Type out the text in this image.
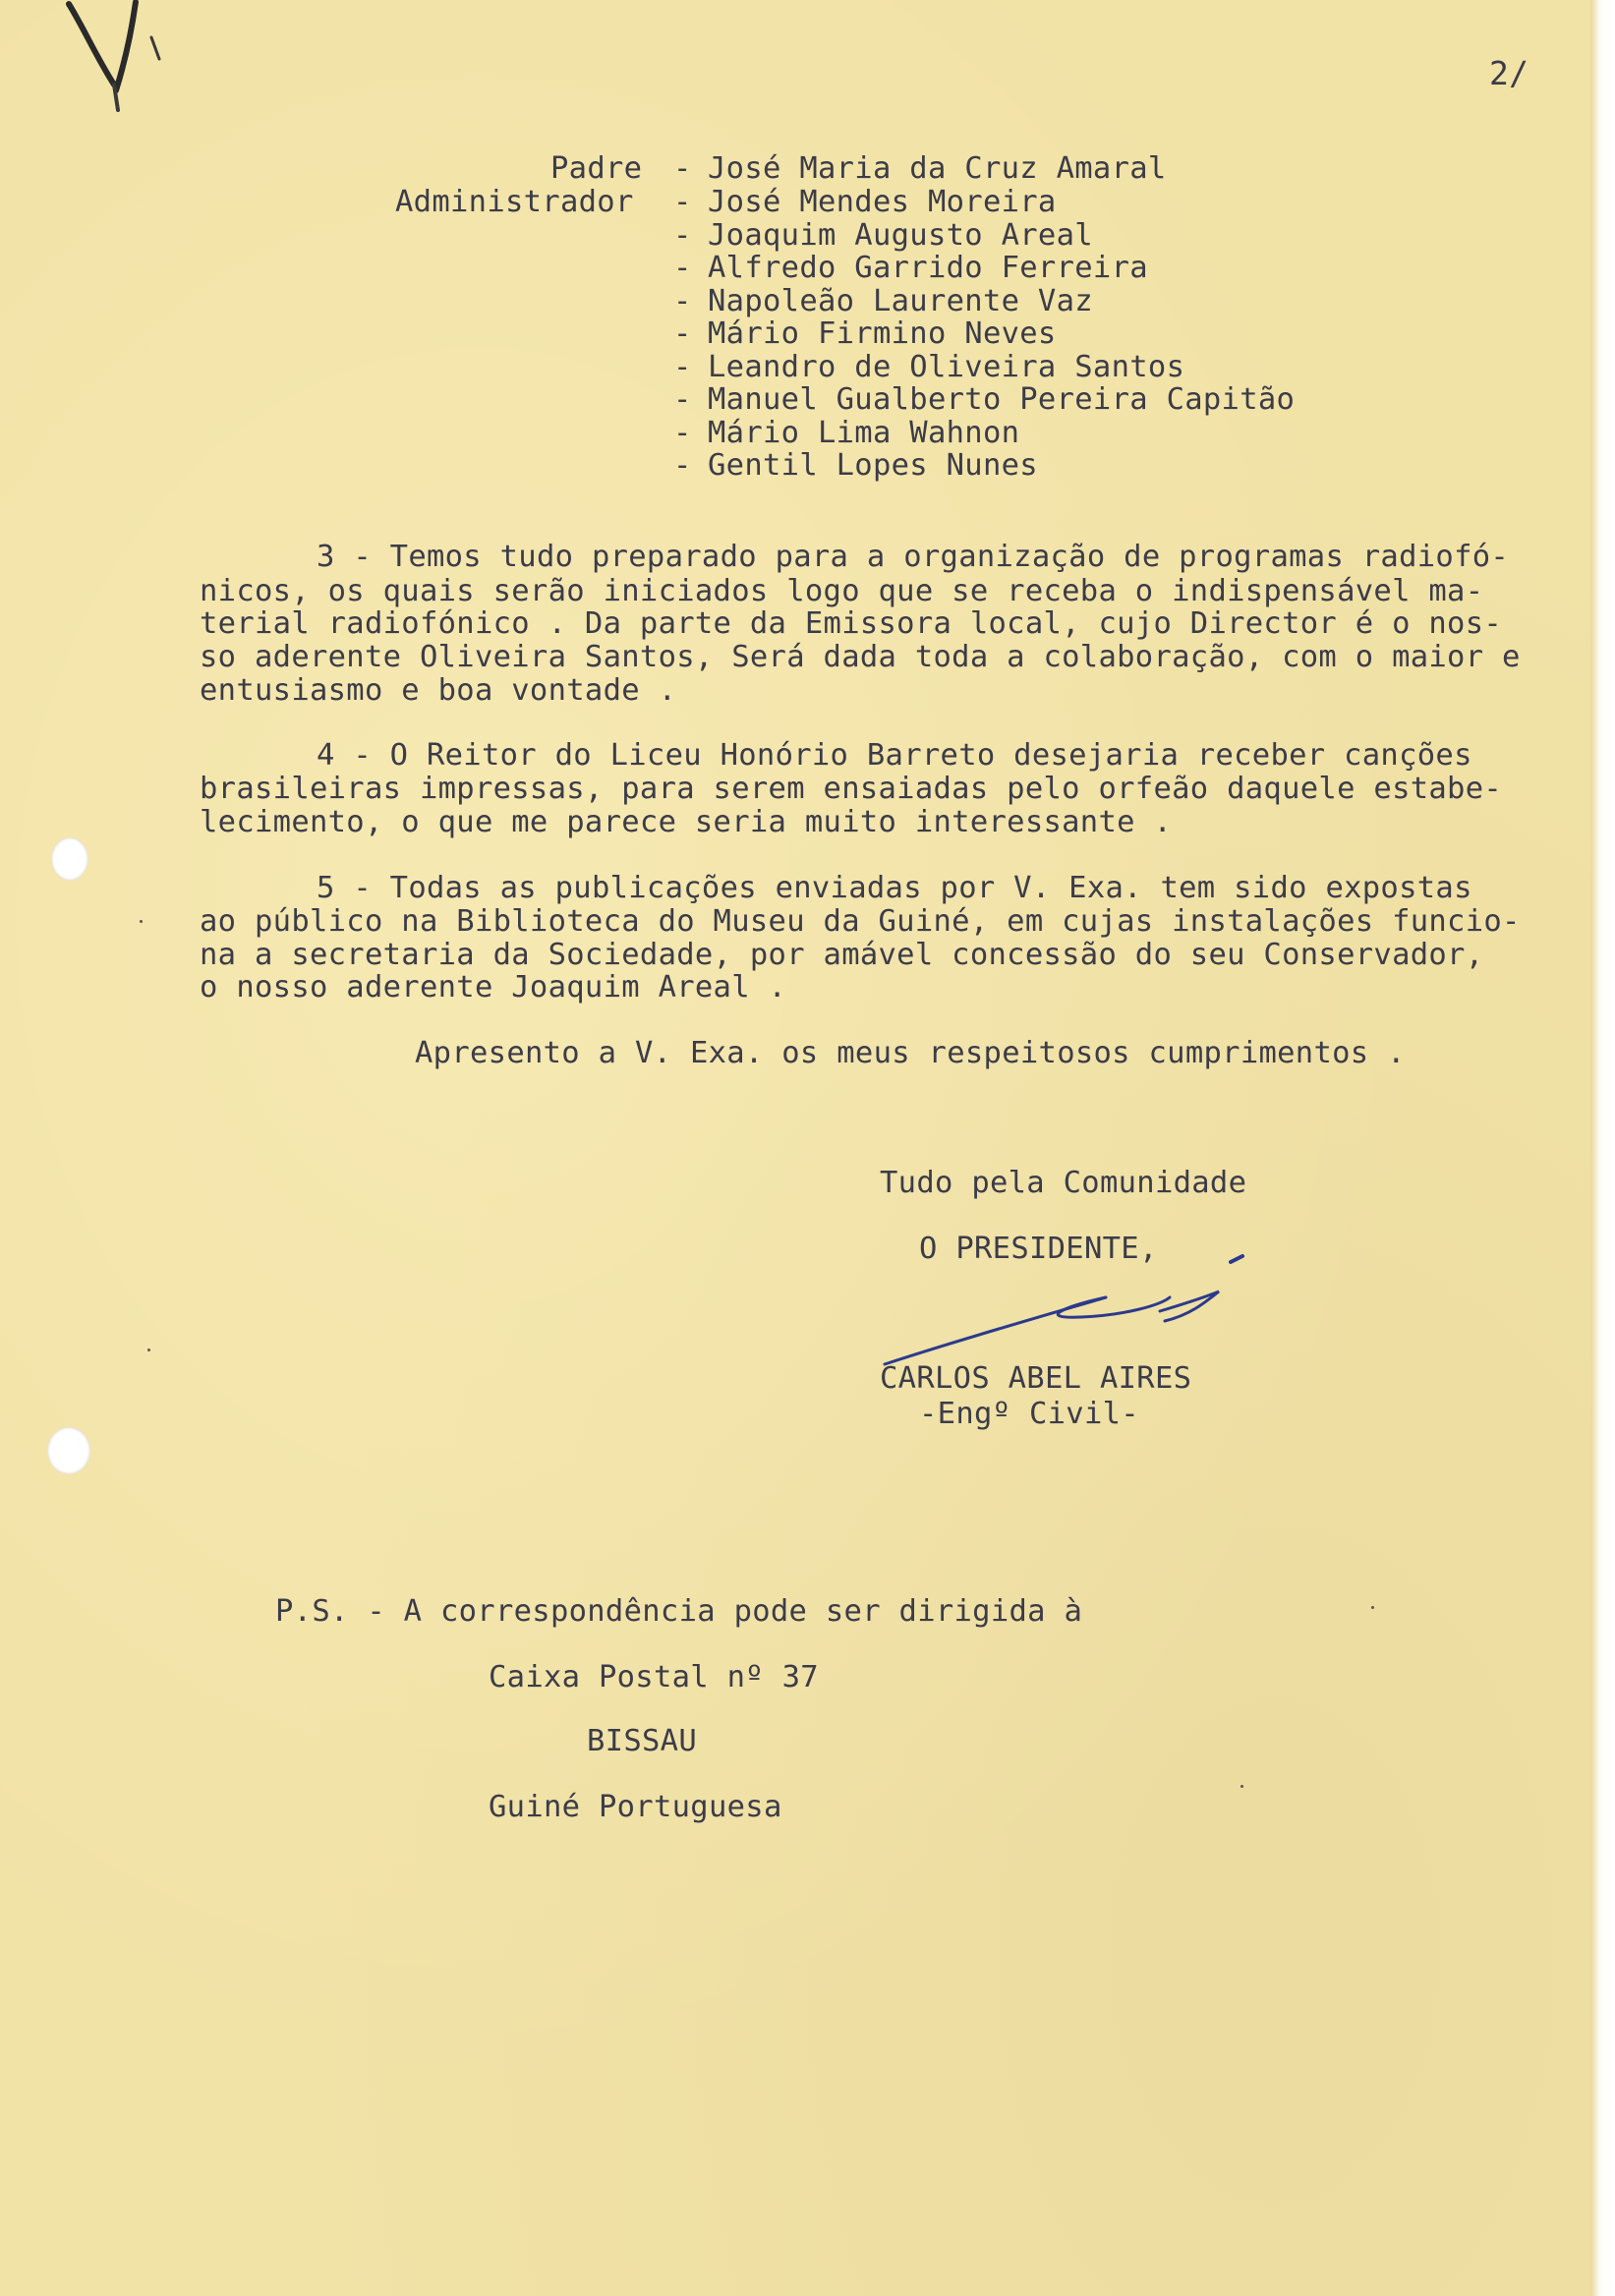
2/
Padre - José Maria da Cruz Amaral
Administrador - José Mendes Moreira
- Joaquim Augusto Areal
- Alfredo Garrido Ferreira
- Napoleão Laurente Vaz
- Mário Firmino Neves
- Leandro de Oliveira Santos
- Manuel Gualberto Pereira Capitão
- Mário Lima Wahnon
- Gentil Lopes Nunes
3 - Temos tudo preparado para a organização de programas radiofó-
nicos, os quais serão iniciados logo que se receba o indispensável ma-
terial radiofónico . Da parte da Emissora local, cujo Director é o nos-
so aderente Oliveira Santos, Será dada toda a colaboração, com o maior e
entusiasmo e boa vontade .
4 - O Reitor do Liceu Honório Barreto desejaria receber canções
brasileiras impressas, para serem ensaiadas pelo orfeão daquele estabe-
lecimento, o que me parece seria muito interessante .
5 - Todas as publicações enviadas por V. Exa. tem sido expostas
ao público na Biblioteca do Museu da Guiné, em cujas instalações funcio-
na a secretaria da Sociedade, por amável concessão do seu Conservador,
o nosso aderente Joaquim Areal .
Apresento a V. Exa. os meus respeitosos cumprimentos .
Tudo pela Comunidade
O PRESIDENTE,
CARLOS ABEL AIRES
-Engº Civil-
P.S. - A correspondência pode ser dirigida à
Caixa Postal nº 37
BISSAU
Guiné Portuguesa
